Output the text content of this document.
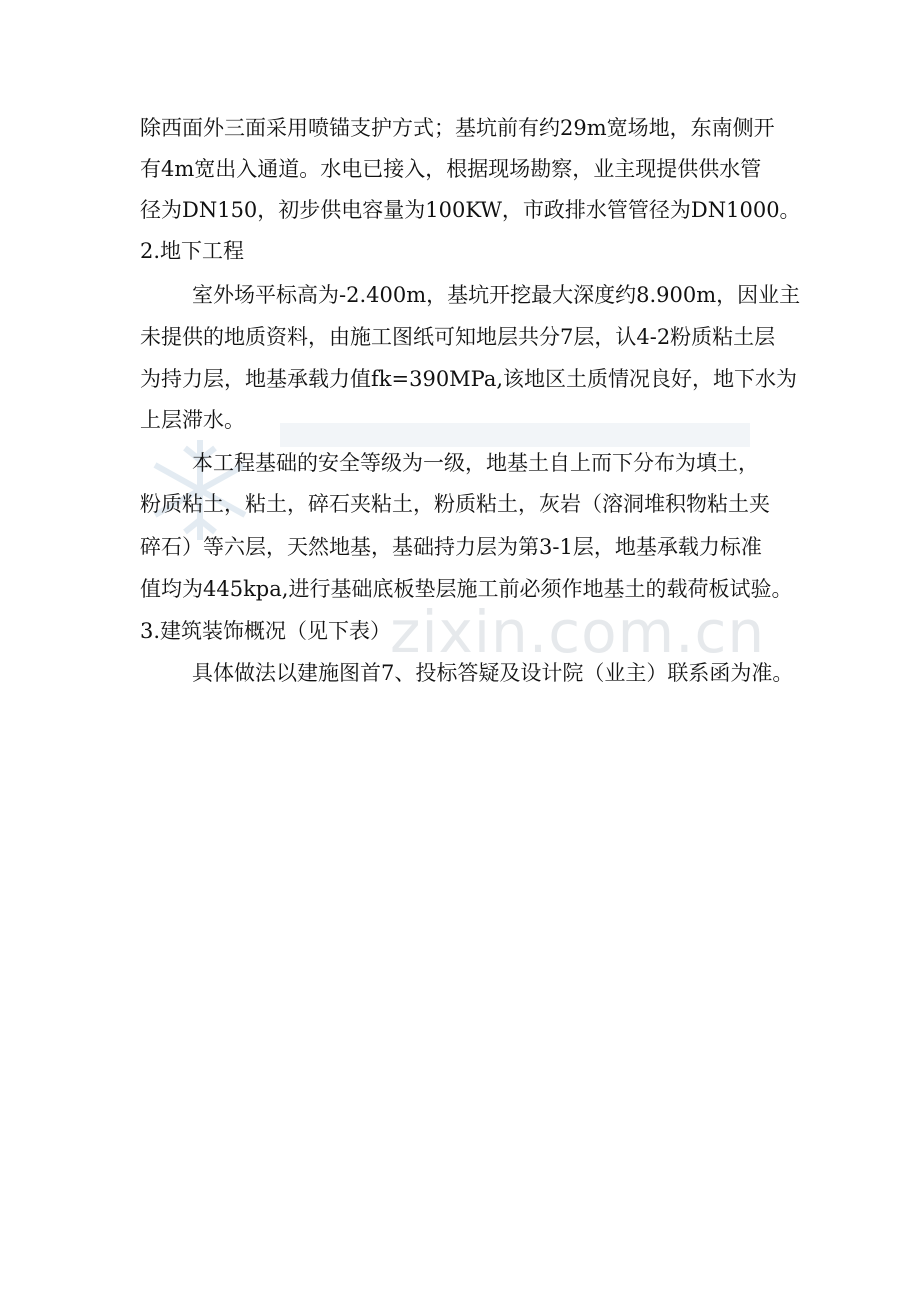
zixin.com.cn
除西面外三面采用喷锚支护方式；基坑前有约29m宽场地，东南侧开
有4m宽出入通道。水电已接入，根据现场勘察，业主现提供供水管
径为DN150，初步供电容量为100KW，市政排水管管径为DN1000。
2.地下工程
室外场平标高为-2.400m，基坑开挖最大深度约8.900m，因业主
未提供的地质资料，由施工图纸可知地层共分7层，认4-2粉质粘土层
为持力层，地基承载力值fk=390MPa,该地区土质情况良好，地下水为
上层滞水。
本工程基础的安全等级为一级，地基土自上而下分布为填土，
粉质粘土，粘土，碎石夹粘土，粉质粘土，灰岩（溶洞堆积物粘土夹
碎石）等六层，天然地基，基础持力层为第3-1层，地基承载力标准
值均为445kpa,进行基础底板垫层施工前必须作地基土的载荷板试验。
3.建筑装饰概况（见下表）
具体做法以建施图首7、投标答疑及设计院（业主）联系函为准。
